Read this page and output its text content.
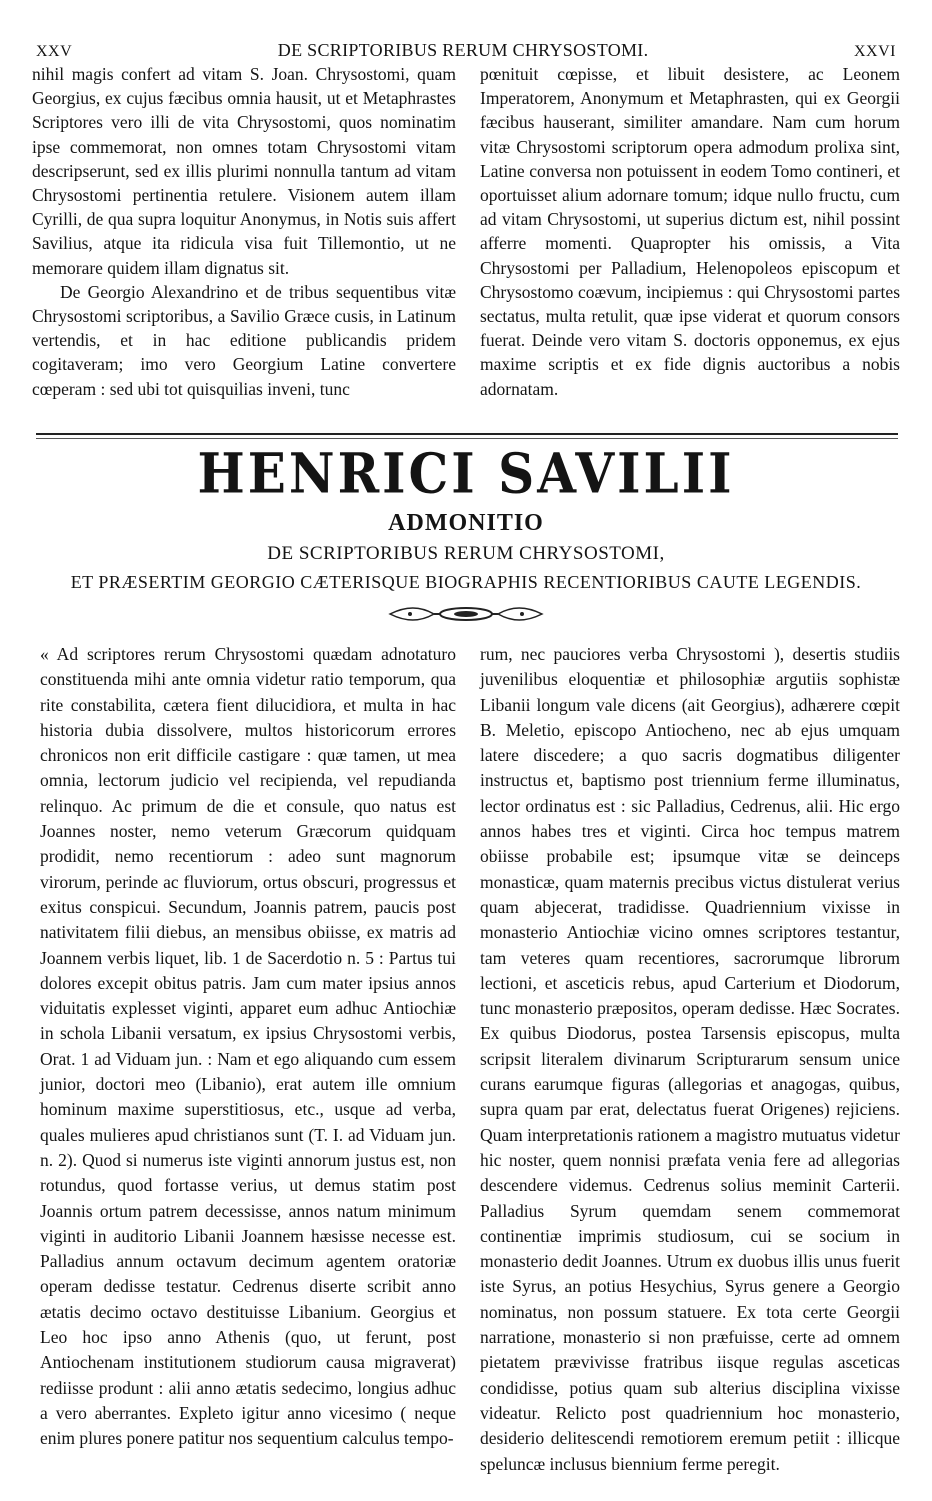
XXV	DE SCRIPTORIBUS RERUM CHRYSOSTOMI.	XXVI

nihil magis confert ad vitam S. Joan. Chrysostomi, quam Georgius, ex cujus fæcibus omnia hausit, ut et Metaphrastes Scriptores vero illi de vita Chrysostomi, quos nominatim ipse commemorat, non omnes totam Chrysostomi vitam descripserunt, sed ex illis plurimi nonnulla tantum ad vitam Chrysostomi pertinentia retulere. Visionem autem illam Cyrilli, de qua supra loquitur Anonymus, in Notis suis affert Savilius, atque ita ridicula visa fuit Tillemontio, ut ne memorare quidem illam dignatus sit.

De Georgio Alexandrino et de tribus sequentibus vitæ Chrysostomi scriptoribus, a Savilio Græce cusis, in Latinum vertendis, et in hac editione publicandis pridem cogitaveram; imo vero Georgium Latine convertere cœperam : sed ubi tot quisquilias inveni, tunc

pœnituit cœpisse, et libuit desistere, ac Leonem Imperatorem, Anonymum et Metaphrasten, qui ex Georgii fæcibus hauserant, similiter amandare. Nam cum horum vitæ Chrysostomi scriptorum opera admodum prolixa sint, Latine conversa non potuissent in eodem Tomo contineri, et oportuisset alium adornare tomum; idque nullo fructu, cum ad vitam Chrysostomi, ut superius dictum est, nihil possint afferre momenti. Quapropter his omissis, a Vita Chrysostomi per Palladium, Helenopoleos episcopum et Chrysostomo coævum, incipiemus : qui Chrysostomi partes sectatus, multa retulit, quæ ipse viderat et quorum consors fuerat. Deinde vero vitam S. doctoris opponemus, ex ejus maxime scriptis et ex fide dignis auctoribus a nobis adornatam.

HENRICI SAVILII
ADMONITIO
DE SCRIPTORIBUS RERUM CHRYSOSTOMI,
ET PRÆSERTIM GEORGIO CÆTERISQUE BIOGRAPHIS RECENTIORIBUS CAUTE LEGENDIS.

« Ad scriptores rerum Chrysostomi quædam adnotaturo constituenda mihi ante omnia videtur ratio temporum, qua rite constabilita, cætera fient dilucidiora, et multa in hac historia dubia dissolvere, multos historicorum errores chronicos non erit difficile castigare : quæ tamen, ut mea omnia, lectorum judicio vel recipienda, vel repudianda relinquo. Ac primum de die et consule, quo natus est Joannes noster, nemo veterum Græcorum quidquam prodidit, nemo recentiorum : adeo sunt magnorum virorum, perinde ac fluviorum, ortus obscuri, progressus et exitus conspicui. Secundum, Joannis patrem, paucis post nativitatem filii diebus, an mensibus obiisse, ex matris ad Joannem verbis liquet, lib. 1 de Sacerdotio n. 5 : Partus tui dolores excepit obitus patris. Jam cum mater ipsius annos viduitatis explesset viginti, apparet eum adhuc Antiochiæ in schola Libanii versatum, ex ipsius Chrysostomi verbis, Orat. 1 ad Viduam jun. : Nam et ego aliquando cum essem junior, doctori meo (Libanio), erat autem ille omnium hominum maxime superstitiosus, etc., usque ad verba, quales mulieres apud christianos sunt (T. I. ad Viduam jun. n. 2). Quod si numerus iste viginti annorum justus est, non rotundus, quod fortasse verius, ut demus statim post Joannis ortum patrem decessisse, annos natum minimum viginti in auditorio Libanii Joannem hæsisse necesse est. Palladius annum octavum decimum agentem oratoriæ operam dedisse testatur. Cedrenus diserte scribit anno ætatis decimo octavo destituisse Libanium. Georgius et Leo hoc ipso anno Athenis (quo, ut ferunt, post Antiochenam institutionem studiorum causa migraverat) rediisse produnt : alii anno ætatis sedecimo, longius adhuc a vero aberrantes. Expleto igitur anno vicesimo ( neque enim plures ponere patitur nos sequentium calculus tempo-

rum, nec pauciores verba Chrysostomi ), desertis studiis juvenilibus eloquentiæ et philosophiæ argutiis sophistæ Libanii longum vale dicens (ait Georgius), adhærere cœpit B. Meletio, episcopo Antiocheno, nec ab ejus umquam latere discedere; a quo sacris dogmatibus diligenter instructus et, baptismo post triennium ferme illuminatus, lector ordinatus est : sic Palladius, Cedrenus, alii. Hic ergo annos habes tres et viginti. Circa hoc tempus matrem obiisse probabile est; ipsumque vitæ se deinceps monasticæ, quam maternis precibus victus distulerat verius quam abjecerat, tradidisse. Quadriennium vixisse in monasterio Antiochiæ vicino omnes scriptores testantur, tam veteres quam recentiores, sacrorumque librorum lectioni, et asceticis rebus, apud Carterium et Diodorum, tunc monasterio præpositos, operam dedisse. Hæc Socrates. Ex quibus Diodorus, postea Tarsensis episcopus, multa scripsit literalem divinarum Scripturarum sensum unice curans earumque figuras (allegorias et anagogas, quibus, supra quam par erat, delectatus fuerat Origenes) rejiciens. Quam interpretationis rationem a magistro mutuatus videtur hic noster, quem nonnisi præfata venia fere ad allegorias descendere videmus. Cedrenus solius meminit Carterii. Palladius Syrum quemdam senem commemorat continentiæ imprimis studiosum, cui se socium in monasterio dedit Joannes. Utrum ex duobus illis unus fuerit iste Syrus, an potius Hesychius, Syrus genere a Georgio nominatus, non possum statuere. Ex tota certe Georgii narratione, monasterio si non præfuisse, certe ad omnem pietatem prævivisse fratribus iisque regulas asceticas condidisse, potius quam sub alterius disciplina vixisse videatur. Relicto post quadriennium hoc monasterio, desiderio delitescendi remotiorem eremum petiit : illicque speluncæ inclusus biennium ferme peregit.
